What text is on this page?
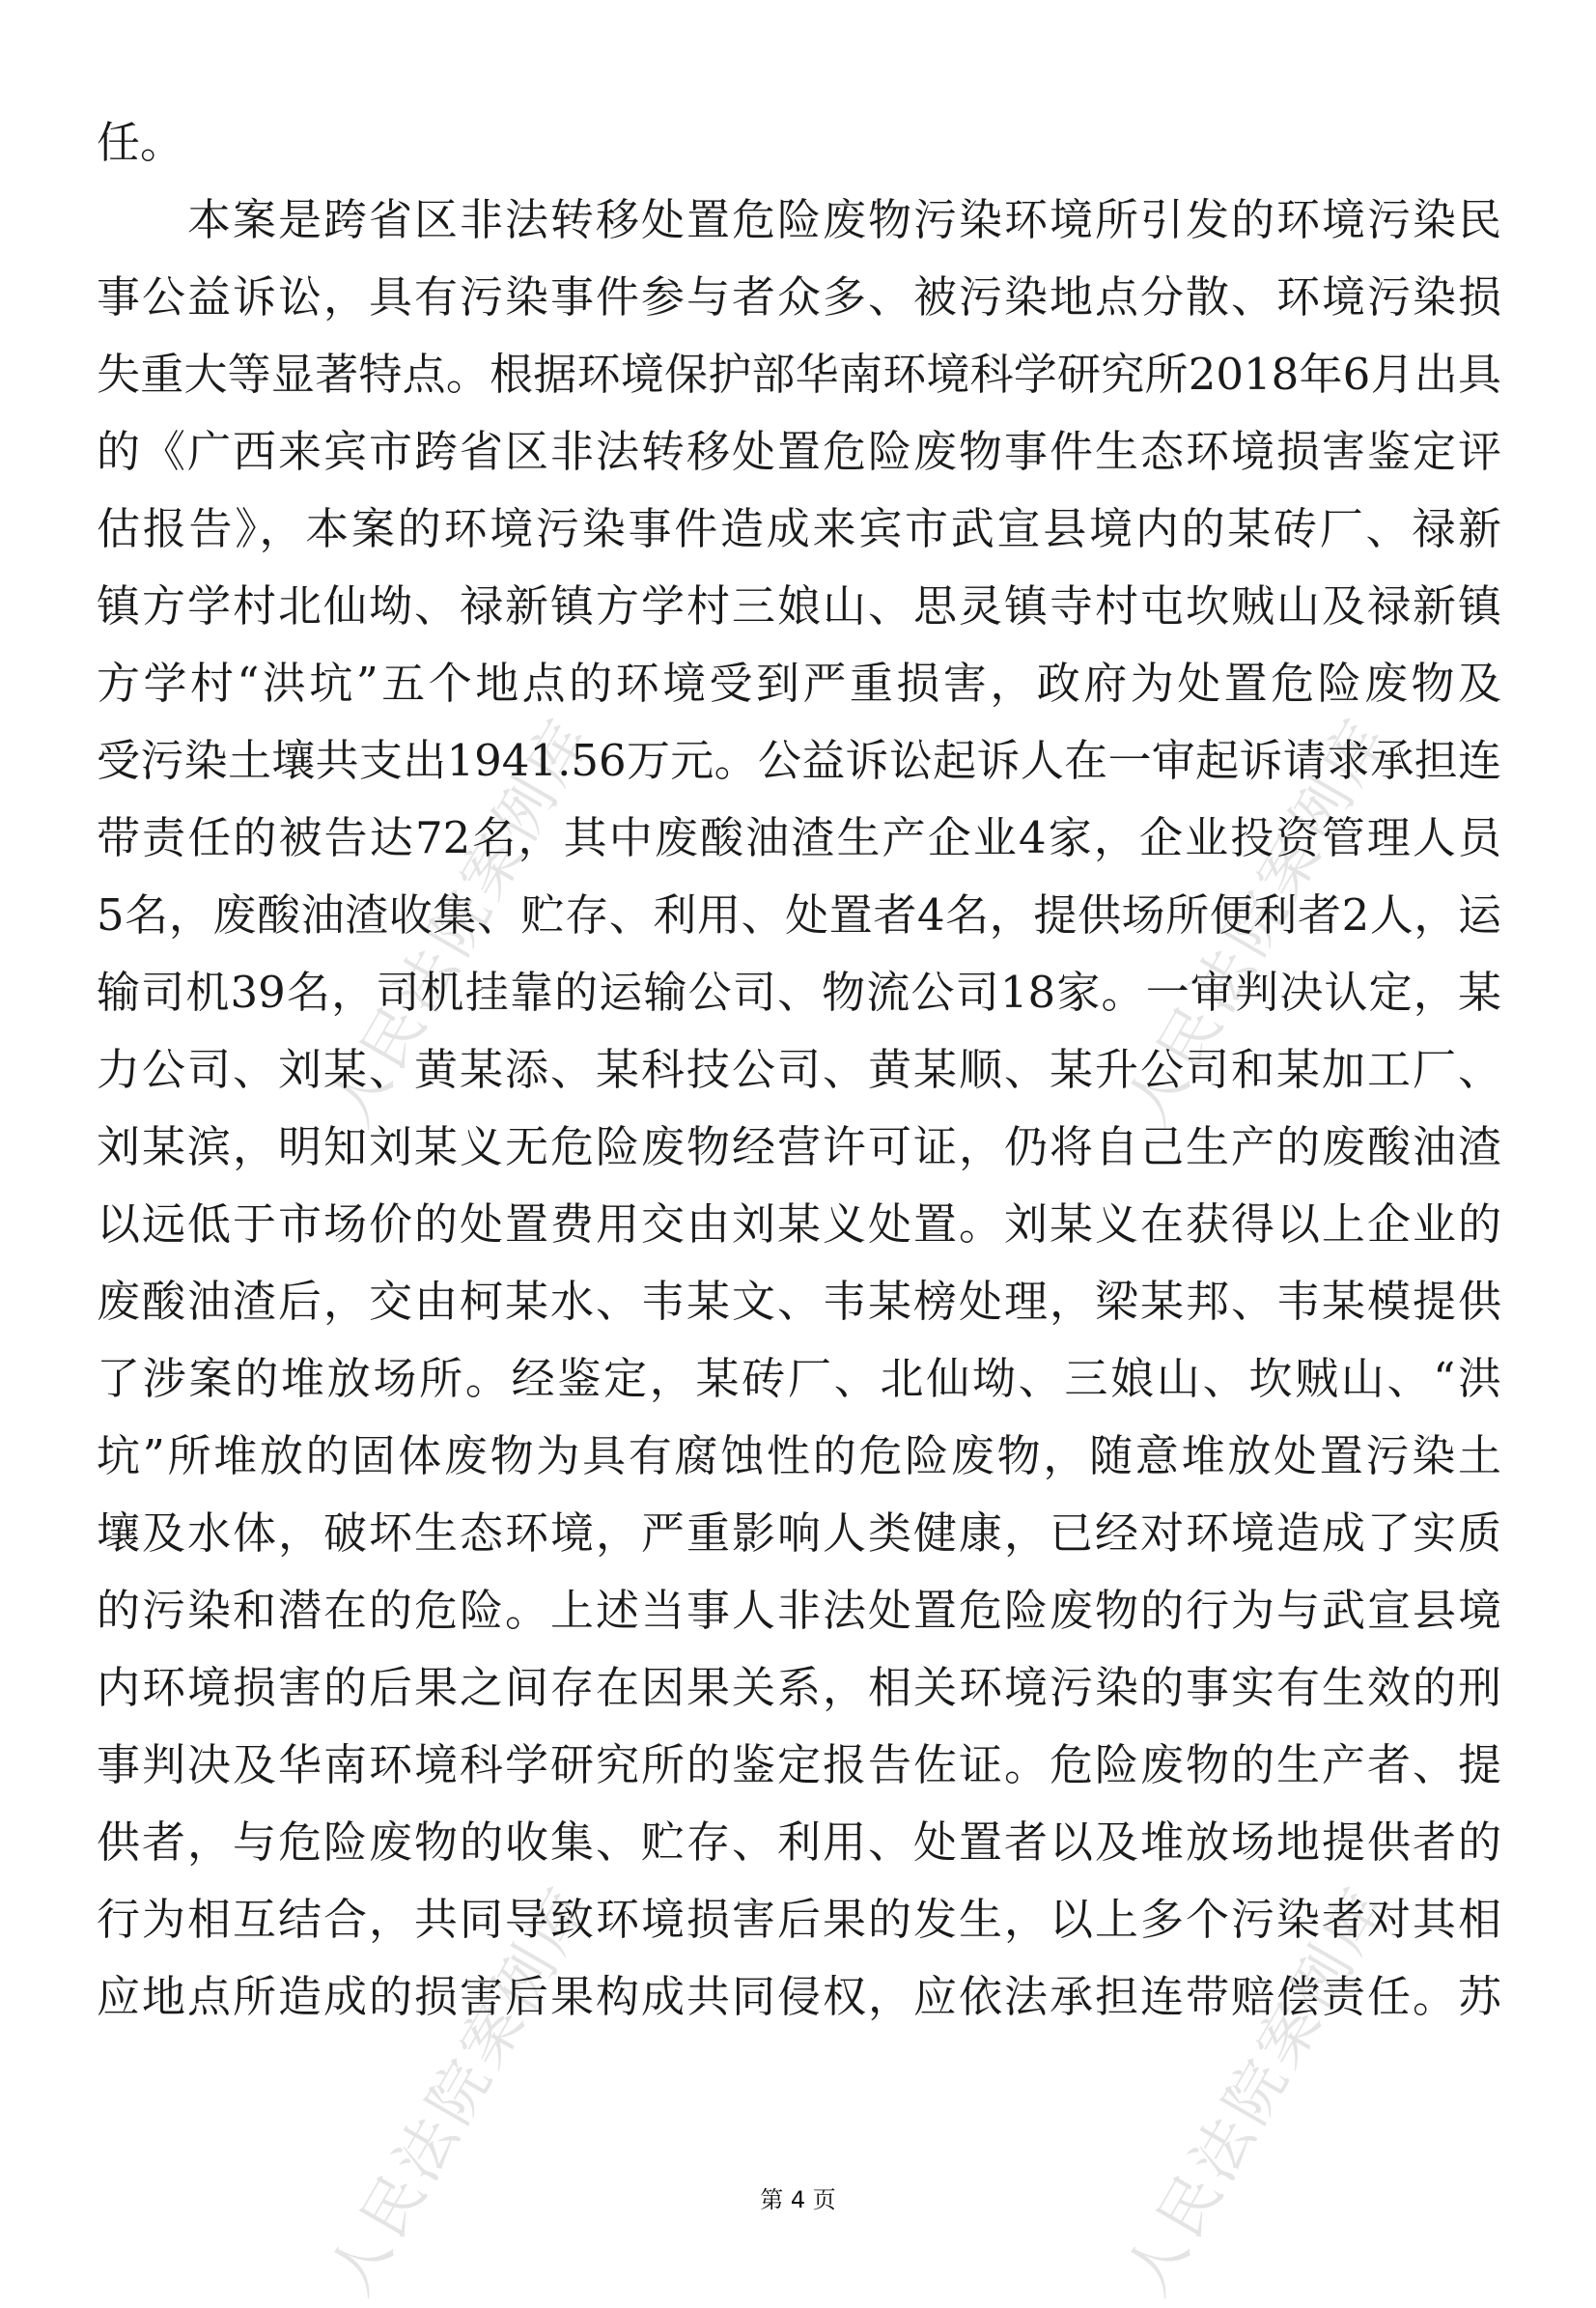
人民法院案例库	人民法院案例库
人民法院案例库	人民法院案例库
任。
　　本案是跨省区非法转移处置危险废物污染环境所引发的环境污染民
事公益诉讼，具有污染事件参与者众多、被污染地点分散、环境污染损
失重大等显著特点。根据环境保护部华南环境科学研究所2018年6月出具
的《广西来宾市跨省区非法转移处置危险废物事件生态环境损害鉴定评
估报告》，本案的环境污染事件造成来宾市武宣县境内的某砖厂、禄新
镇方学村北仙坳、禄新镇方学村三娘山、思灵镇寺村屯坎贼山及禄新镇
方学村“洪坑”五个地点的环境受到严重损害，政府为处置危险废物及
受污染土壤共支出1941.56万元。公益诉讼起诉人在一审起诉请求承担连
带责任的被告达72名，其中废酸油渣生产企业4家，企业投资管理人员
5名，废酸油渣收集、贮存、利用、处置者4名，提供场所便利者2人，运
输司机39名，司机挂靠的运输公司、物流公司18家。一审判决认定，某
力公司、刘某、黄某添、某科技公司、黄某顺、某升公司和某加工厂、
刘某滨，明知刘某义无危险废物经营许可证，仍将自己生产的废酸油渣
以远低于市场价的处置费用交由刘某义处置。刘某义在获得以上企业的
废酸油渣后，交由柯某水、韦某文、韦某榜处理，梁某邦、韦某模提供
了涉案的堆放场所。经鉴定，某砖厂、北仙坳、三娘山、坎贼山、“洪
坑”所堆放的固体废物为具有腐蚀性的危险废物，随意堆放处置污染土
壤及水体，破坏生态环境，严重影响人类健康，已经对环境造成了实质
的污染和潜在的危险。上述当事人非法处置危险废物的行为与武宣县境
内环境损害的后果之间存在因果关系，相关环境污染的事实有生效的刑
事判决及华南环境科学研究所的鉴定报告佐证。危险废物的生产者、提
供者，与危险废物的收集、贮存、利用、处置者以及堆放场地提供者的
行为相互结合，共同导致环境损害后果的发生，以上多个污染者对其相
应地点所造成的损害后果构成共同侵权，应依法承担连带赔偿责任。苏
第 4 页
